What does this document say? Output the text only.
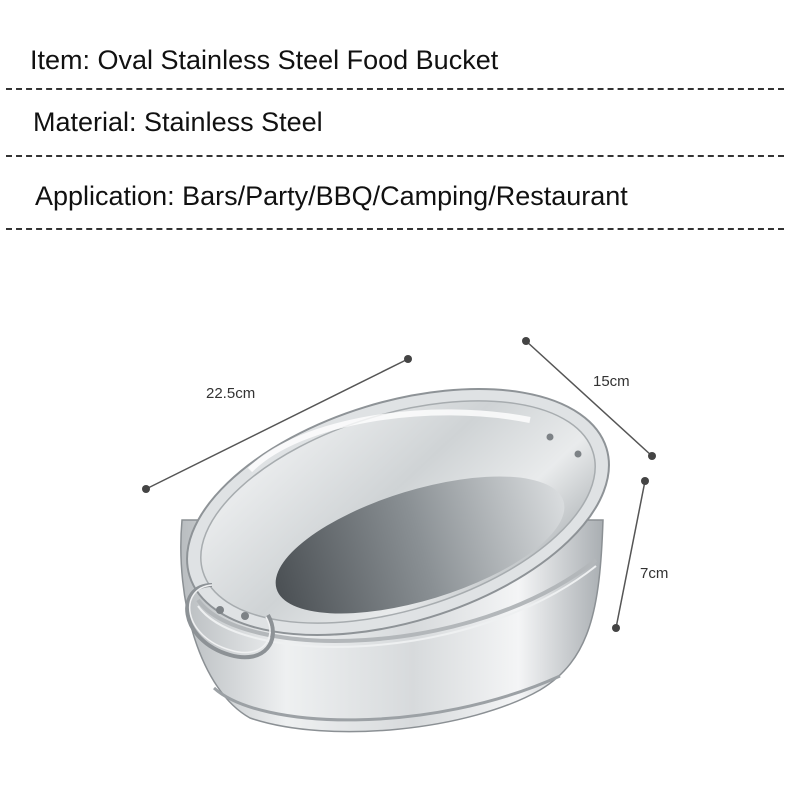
Item: Oval Stainless Steel Food Bucket
Material: Stainless Steel
Application: Bars/Party/BBQ/Camping/Restaurant
22.5cm
15cm
7cm
